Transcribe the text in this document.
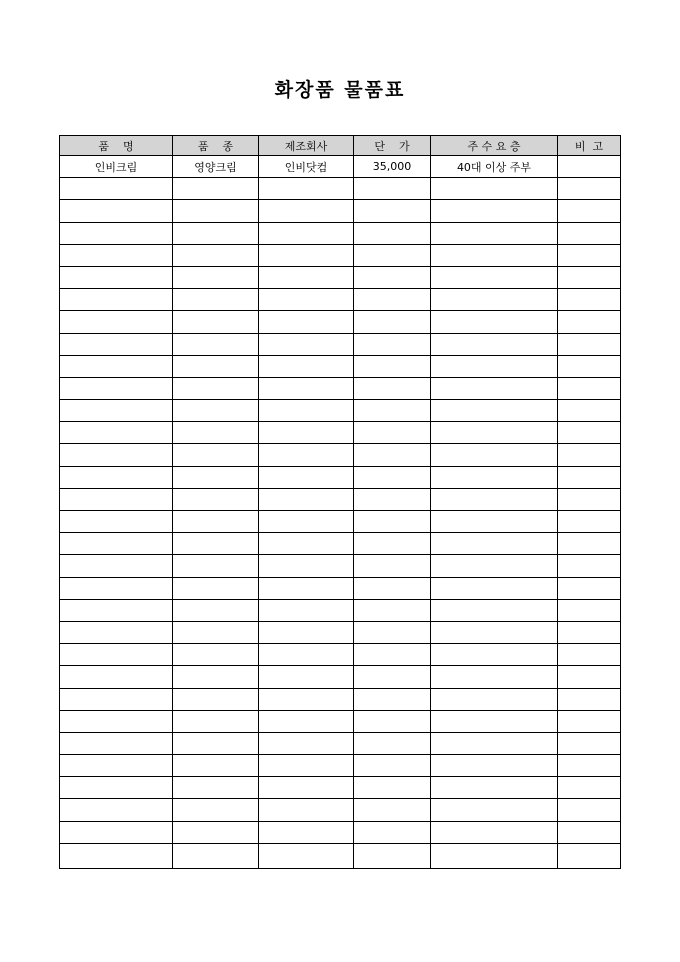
화장품 물품표
품    명	품    종	제조회사	단    가	주 수 요 층	비  고
인비크림	영양크림	인비닷컴	35,000	40대 이상 주부	
